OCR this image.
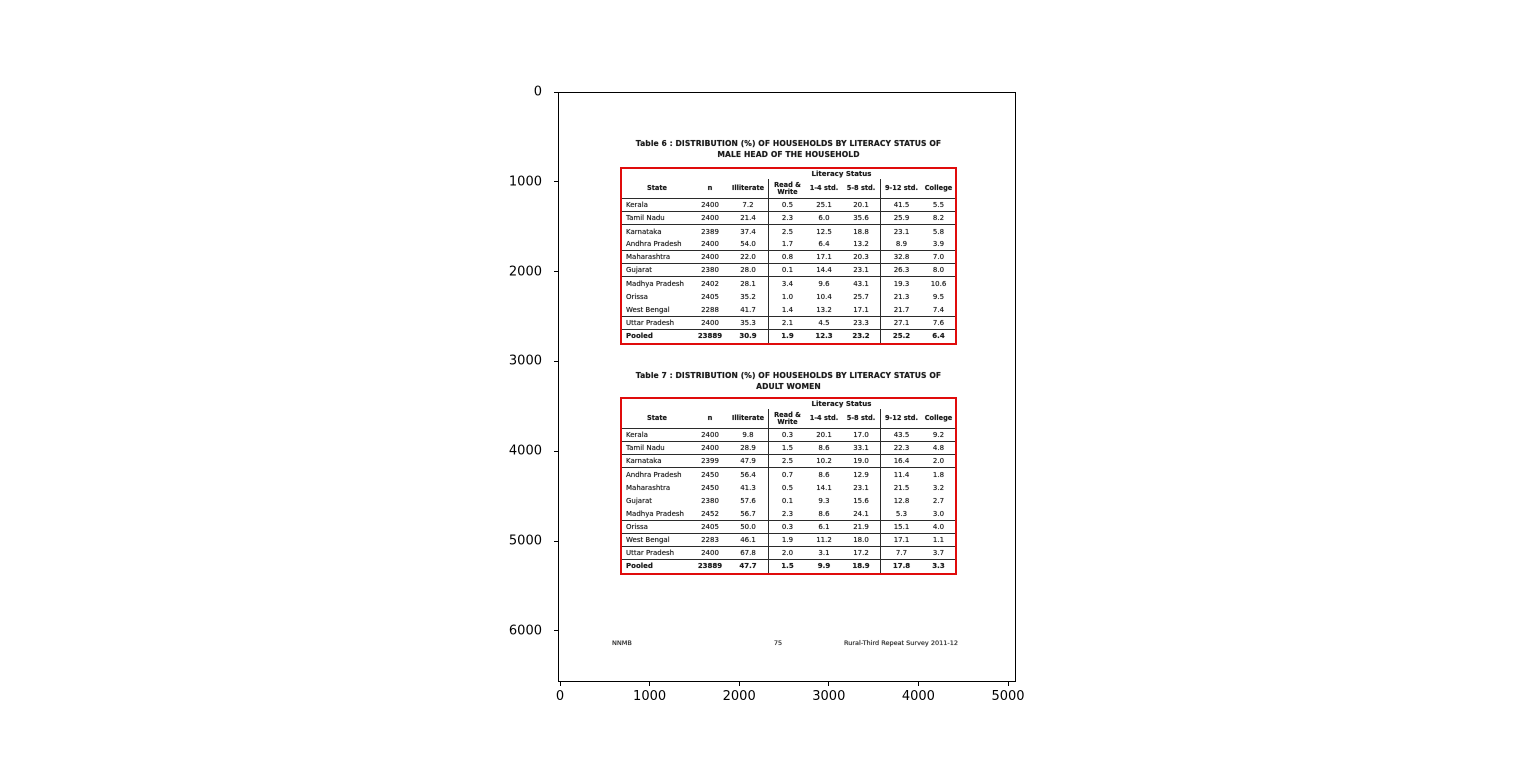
0
1000
2000
3000
4000
5000
6000
0	1000	2000	3000	4000	5000
Table 6 : DISTRIBUTION (%) OF HOUSEHOLDS BY LITERACY STATUS OF
MALE HEAD OF THE HOUSEHOLD
Literacy Status
State	n	Illiterate	Read & Write	1-4 std.	5-8 std.	9-12 std.	College
Kerala	2400	7.2	0.5	25.1	20.1	41.5	5.5
Tamil Nadu	2400	21.4	2.3	6.0	35.6	25.9	8.2
Karnataka	2389	37.4	2.5	12.5	18.8	23.1	5.8
Andhra Pradesh	2400	54.0	1.7	6.4	13.2	8.9	3.9
Maharashtra	2400	22.0	0.8	17.1	20.3	32.8	7.0
Gujarat	2380	28.0	0.1	14.4	23.1	26.3	8.0
Madhya Pradesh	2402	28.1	3.4	9.6	43.1	19.3	10.6
Orissa	2405	35.2	1.0	10.4	25.7	21.3	9.5
West Bengal	2288	41.7	1.4	13.2	17.1	21.7	7.4
Uttar Pradesh	2400	35.3	2.1	4.5	23.3	27.1	7.6
Pooled	23889	30.9	1.9	12.3	23.2	25.2	6.4
Table 7 : DISTRIBUTION (%) OF HOUSEHOLDS BY LITERACY STATUS OF
ADULT WOMEN
Literacy Status
State	n	Illiterate	Read & Write	1-4 std.	5-8 std.	9-12 std.	College
Kerala	2400	9.8	0.3	20.1	17.0	43.5	9.2
Tamil Nadu	2400	28.9	1.5	8.6	33.1	22.3	4.8
Karnataka	2399	47.9	2.5	10.2	19.0	16.4	2.0
Andhra Pradesh	2450	56.4	0.7	8.6	12.9	11.4	1.8
Maharashtra	2450	41.3	0.5	14.1	23.1	21.5	3.2
Gujarat	2380	57.6	0.1	9.3	15.6	12.8	2.7
Madhya Pradesh	2452	56.7	2.3	8.6	24.1	5.3	3.0
Orissa	2405	50.0	0.3	6.1	21.9	15.1	4.0
West Bengal	2283	46.1	1.9	11.2	18.0	17.1	1.1
Uttar Pradesh	2400	67.8	2.0	3.1	17.2	7.7	3.7
Pooled	23889	47.7	1.5	9.9	18.9	17.8	3.3
NNMB	75	Rural-Third Repeat Survey 2011-12
